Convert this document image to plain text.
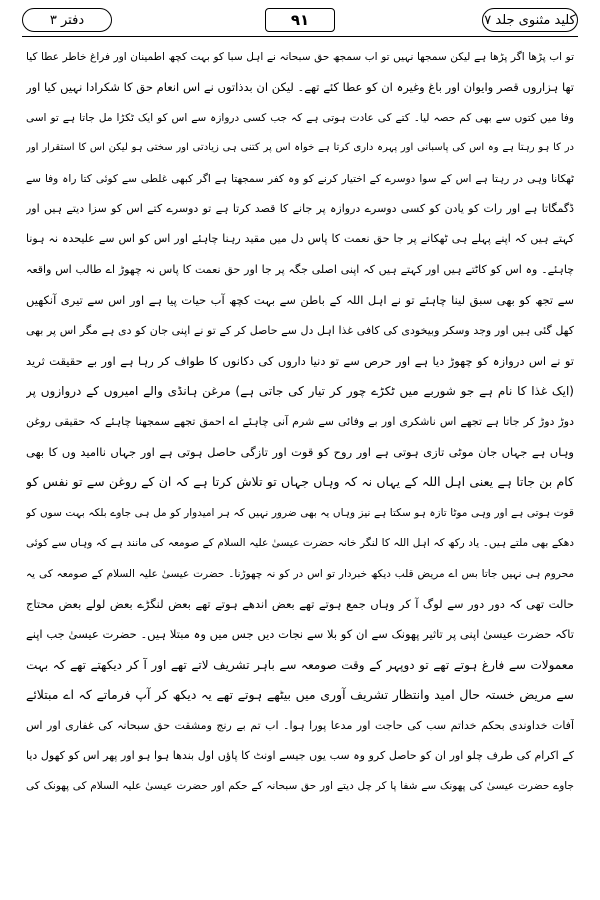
کلید مثنوی جلد ۷
۹۱
دفتر ۳
تو اب پڑھا اگر پڑھا ہے لیکن سمجھا نہیں تو اب سمجھ حق سبحانہ نے اہل سبا کو بہت کچھ اطمینان اور فراغ خاطر عطا کیا
تھا ہزاروں قصر وایوان اور باغ وغیرہ ان کو عطا کئے تھے۔ لیکن ان بدذاتوں نے اس انعام حق کا شکرادا نہیں کیا اور
وفا میں کتوں سے بھی کم حصہ لیا۔ کتے کی عادت ہوتی ہے کہ جب کسی دروازہ سے اس کو ایک ٹکڑا مل جاتا ہے تو اسی
در کا ہو رہتا ہے وہ اس کی پاسبانی اور پہرہ داری کرتا ہے خواہ اس پر کتنی ہی زیادتی اور سختی ہو لیکن اس کا استقرار اور
ٹھکانا وہی در رہتا ہے اس کے سوا دوسرے کے اختیار کرنے کو وہ کفر سمجھتا ہے اگر کبھی غلطی سے کوئی کتا راہ وفا سے
ڈگمگاتا ہے اور رات کو یادن کو کسی دوسرے دروازہ پر جانے کا قصد کرتا ہے تو دوسرے کتے اس کو سزا دیتے ہیں اور
کہتے ہیں کہ اپنے پہلے ہی ٹھکانے پر جا حق نعمت کا پاس دل میں مقید رہنا چاہئے اور اس کو اس سے علیحدہ نہ ہونا
چاہئے۔ وہ اس کو کاٹتے ہیں اور کہتے ہیں کہ اپنی اصلی جگہ پر جا اور حق نعمت کا پاس نہ چھوڑ اے طالب اس واقعہ
سے تجھ کو بھی سبق لینا چاہئے تو نے اہل اللہ کے باطن سے بہت کچھ آب حیات پیا ہے اور اس سے تیری آنکھیں
کھل گئی ہیں اور وجد وسکر وبیخودی کی کافی غذا اہل دل سے حاصل کر کے تو نے اپنی جان کو دی ہے مگر اس پر بھی
تو نے اس دروازہ کو چھوڑ دیا ہے اور حرص سے تو دنیا داروں کی دکانوں کا طواف کر رہا ہے اور بے حقیقت ثرید
(ایک غذا کا نام ہے جو شوربے میں ٹکڑے چور کر تیار کی جاتی ہے) مرغن ہانڈی والے امیروں کے دروازوں پر
دوڑ دوڑ کر جاتا ہے تجھے اس ناشکری اور بے وفائی سے شرم آنی چاہئے اے احمق تجھے سمجھنا چاہئے کہ حقیقی روغن
وہاں ہے جہاں جان موٹی تازی ہوتی ہے اور روح کو قوت اور تازگی حاصل ہوتی ہے اور جہاں ناامید وں کا بھی
کام بن جاتا ہے یعنی اہل اللہ کے یہاں نہ کہ وہاں جہاں تو تلاش کرتا ہے کہ ان کے روغن سے تو نفس کو
قوت ہوتی ہے اور وہی موٹا تازہ ہو سکتا ہے نیز وہاں یہ بھی ضرور نہیں کہ ہر امیدوار کو مل ہی جاوے بلکہ بہت سوں کو
دھکے بھی ملتے ہیں۔ یاد رکھ کہ اہل اللہ کا لنگر خانہ حضرت عیسیٰ علیہ السلام کے صومعہ کی مانند ہے کہ وہاں سے کوئی
محروم ہی نہیں جاتا بس اے مریض قلب دیکھ خبردار تو اس در کو نہ چھوڑنا۔ حضرت عیسیٰ علیہ السلام کے صومعہ کی یہ
حالت تھی کہ دور دور سے لوگ آ کر وہاں جمع ہوتے تھے بعض اندھے ہوتے تھے بعض لنگڑے بعض لولے بعض محتاج
تاکہ حضرت عیسیٰ اپنی پر تاثیر پھونک سے ان کو بلا سے نجات دیں جس میں وہ مبتلا ہیں۔ حضرت عیسیٰ جب اپنے
معمولات سے فارغ ہوتے تھے تو دوپہر کے وقت صومعہ سے باہر تشریف لاتے تھے اور آ کر دیکھتے تھے کہ بہت
سے مریض خستہ حال امید وانتظار تشریف آوری میں بیٹھے ہوتے تھے یہ دیکھ کر آپ فرماتے کہ اے مبتلائے
آفات خداوندی بحکم خداتم سب کی حاجت اور مدعا پورا ہوا۔ اب تم بے رنج ومشقت حق سبحانہ کی غفاری اور اس
کے اکرام کی طرف چلو اور ان کو حاصل کرو وہ سب یوں جیسے اونٹ کا پاؤں اول بندھا ہوا ہو اور پھر اس کو کھول دیا
جاوے حضرت عیسیٰ کی پھونک سے شفا پا کر چل دیتے اور حق سبحانہ کے حکم اور حضرت عیسیٰ علیہ السلام کی پھونک کی
